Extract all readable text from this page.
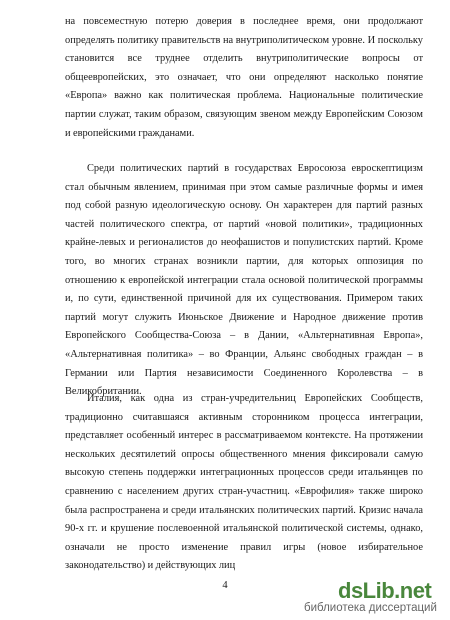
на повсеместную потерю доверия в последнее время, они продолжают определять политику правительств на внутриполитическом уровне. И поскольку становится все труднее отделить внутриполитические вопросы от общеевропейских, это означает, что они определяют насколько понятие «Европа» важно как политическая проблема. Национальные политические партии служат, таким образом, связующим звеном между Европейским Союзом и европейскими гражданами.

Среди политических партий в государствах Евросоюза евроскептицизм стал обычным явлением, принимая при этом самые различные формы и имея под собой разную идеологическую основу. Он характерен для партий разных частей политического спектра, от партий «новой политики», традиционных крайне-левых и регионалистов до неофашистов и популистских партий. Кроме того, во многих странах возникли партии, для которых оппозиция по отношению к европейской интеграции стала основой политической программы и, по сути, единственной причиной для их существования. Примером таких партий могут служить Июньское Движение и Народное движение против Европейского Сообщества-Союза – в Дании, «Альтернативная Европа», «Альтернативная политика» – во Франции, Альянс свободных граждан – в Германии или Партия независимости Соединенного Королевства – в Великобритании.

Италия, как одна из стран-учредительниц Европейских Сообществ, традиционно считавшаяся активным сторонником процесса интеграции, представляет особенный интерес в рассматриваемом контексте. На протяжении нескольких десятилетий опросы общественного мнения фиксировали самую высокую степень поддержки интеграционных процессов среди итальянцев по сравнению с населением других стран-участниц. «Еврофилия» также широко была распространена и среди итальянских политических партий. Кризис начала 90-х гг. и крушение послевоенной итальянской политической системы, однако, означали не просто изменение правил игры (новое избирательное законодательство) и действующих лиц

4	dsLib.net
библиотека диссертаций
